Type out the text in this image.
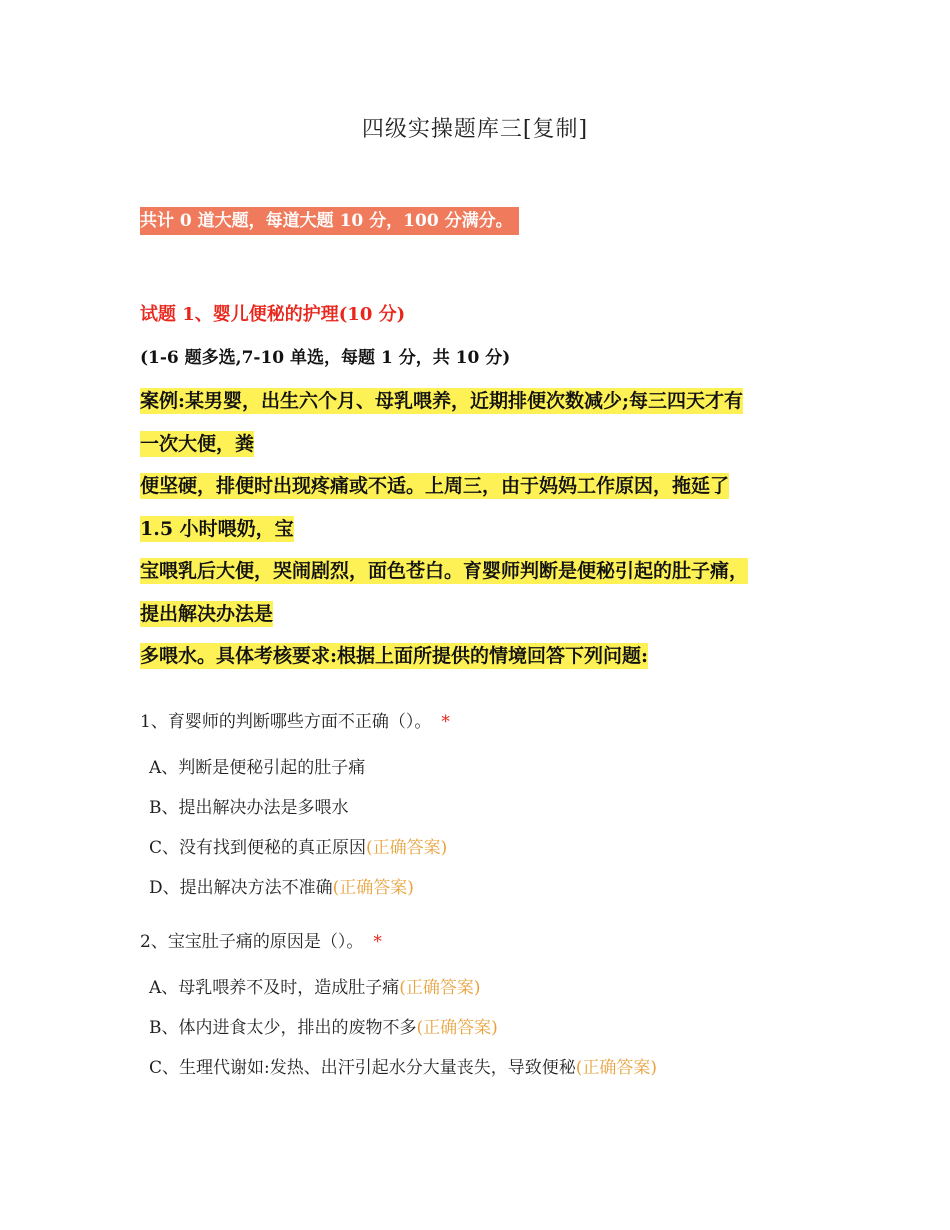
四级实操题库三[复制]
共计 0 道大题，每道大题 10 分，100 分满分。
试题 1、婴儿便秘的护理(10 分)
(1-6 题多选,7-10 单选，每题 1 分，共 10 分)
案例:某男婴，出生六个月、母乳喂养，近期排便次数减少;每三四天才有
一次大便，粪
便坚硬，排便时出现疼痛或不适。上周三，由于妈妈工作原因，拖延了
1.5 小时喂奶，宝
宝喂乳后大便，哭闹剧烈，面色苍白。育婴师判断是便秘引起的肚子痛，
提出解决办法是
多喂水。具体考核要求:根据上面所提供的情境回答下列问题:
1、育婴师的判断哪些方面不正确（）。 *
A、判断是便秘引起的肚子痛
B、提出解决办法是多喂水
C、没有找到便秘的真正原因(正确答案)
D、提出解决方法不准确(正确答案)
2、宝宝肚子痛的原因是（）。 *
A、母乳喂养不及时，造成肚子痛(正确答案)
B、体内进食太少，排出的废物不多(正确答案)
C、生理代谢如:发热、出汗引起水分大量丧失，导致便秘(正确答案)
